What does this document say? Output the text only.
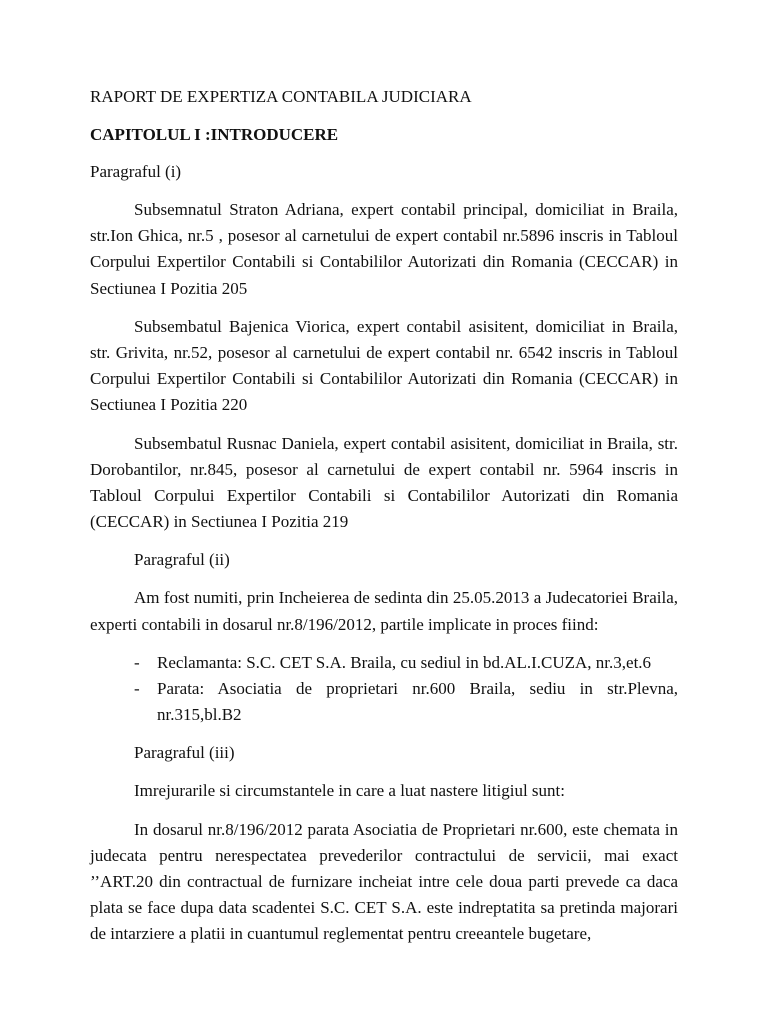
RAPORT DE EXPERTIZA CONTABILA JUDICIARA

CAPITOLUL I :INTRODUCERE

Paragraful (i)

Subsemnatul Straton Adriana, expert contabil principal, domiciliat in Braila, str.Ion Ghica, nr.5 , posesor al carnetului de expert contabil nr.5896 inscris in Tabloul Corpului Expertilor Contabili si Contabililor Autorizati din Romania (CECCAR) in Sectiunea I Pozitia 205

Subsembatul Bajenica Viorica, expert contabil asisitent, domiciliat in Braila, str. Grivita, nr.52, posesor al carnetului de expert contabil nr. 6542 inscris in Tabloul Corpului Expertilor Contabili si Contabililor Autorizati din Romania (CECCAR) in Sectiunea I Pozitia 220

Subsembatul Rusnac Daniela, expert contabil asisitent, domiciliat in Braila, str. Dorobantilor, nr.845, posesor al carnetului de expert contabil nr. 5964 inscris in Tabloul Corpului Expertilor Contabili si Contabililor Autorizati din Romania (CECCAR) in Sectiunea I Pozitia 219

Paragraful (ii)

Am fost numiti, prin Incheierea de sedinta din 25.05.2013 a Judecatoriei Braila, experti contabili in dosarul nr.8/196/2012, partile implicate in proces fiind:

- Reclamanta: S.C. CET S.A. Braila, cu sediul in bd.AL.I.CUZA, nr.3,et.6
- Parata: Asociatia de proprietari nr.600 Braila, sediu in str.Plevna, nr.315,bl.B2

Paragraful (iii)

Imrejurarile si circumstantele in care a luat nastere litigiul sunt:

In dosarul nr.8/196/2012 parata Asociatia de Proprietari nr.600, este chemata in judecata pentru nerespectatea prevederilor contractului de servicii, mai exact ’’ART.20 din contractual de furnizare incheiat intre cele doua parti prevede ca daca plata se face dupa data scadentei S.C. CET S.A. este indreptatita sa pretinda majorari de intarziere a platii in cuantumul reglementat pentru creeantele bugetare,
